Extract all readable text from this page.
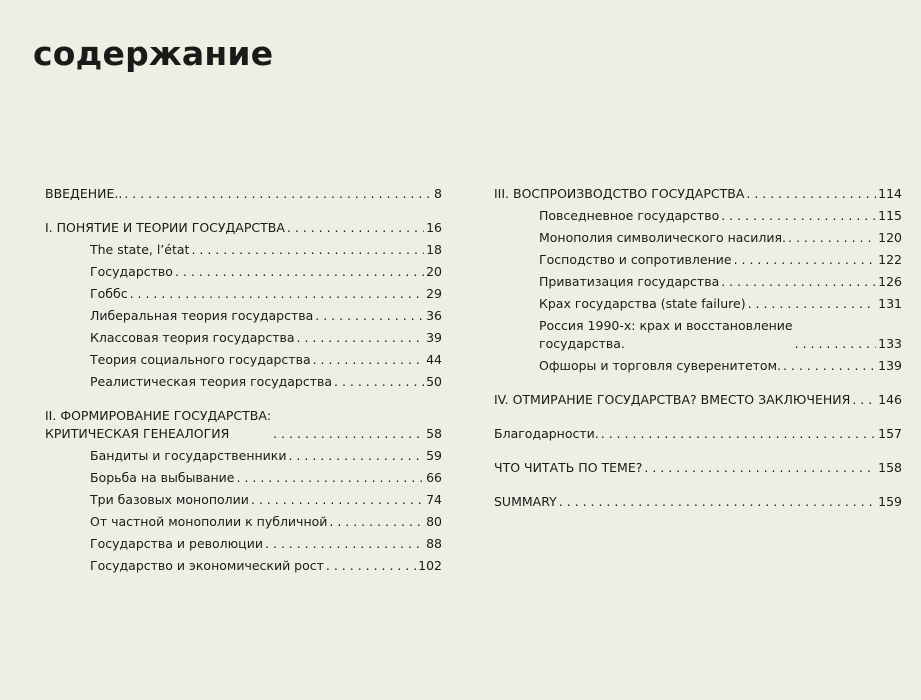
содержание
ВВЕДЕНИЕ.. . . .	8
I. ПОНЯТИЕ И ТЕОРИИ ГОСУДАРСТВА . . .	16
The state, l’état . . .	18
Государство . . .	20
Гоббс . . .	29
Либеральная теория государства . . .	36
Классовая теория государства . . .	39
Теория социального государства . . .	44
Реалистическая теория государства . . .	50
II. ФОРМИРОВАНИЕ ГОСУДАРСТВА:
КРИТИЧЕСКАЯ ГЕНЕАЛОГИЯ . . .	58
Бандиты и государственники . . .	59
Борьба на выбывание . . .	66
Три базовых монополии . . .	74
От частной монополии к публичной . . .	80
Государства и революции . . .	88
Государство и экономический рост . . .	102
III. ВОСПРОИЗВОДСТВО ГОСУДАРСТВА . . .	114
Повседневное государство . . .	115
Монополия символического насилия. . . .	120
Господство и сопротивление . . .	122
Приватизация государства . . .	126
Крах государства (state failure) . . .	131
Россия 1990-х: крах и восстановление
государства. . . .	133
Офшоры и торговля суверенитетом. . . .	139
IV. ОТМИРАНИЕ ГОСУДАРСТВА? ВМЕСТО ЗАКЛЮЧЕНИЯ . . . 146
Благодарности. . . .	157
ЧТО ЧИТАТЬ ПО ТЕМЕ? . . .	158
SUMMARY . . .	159
